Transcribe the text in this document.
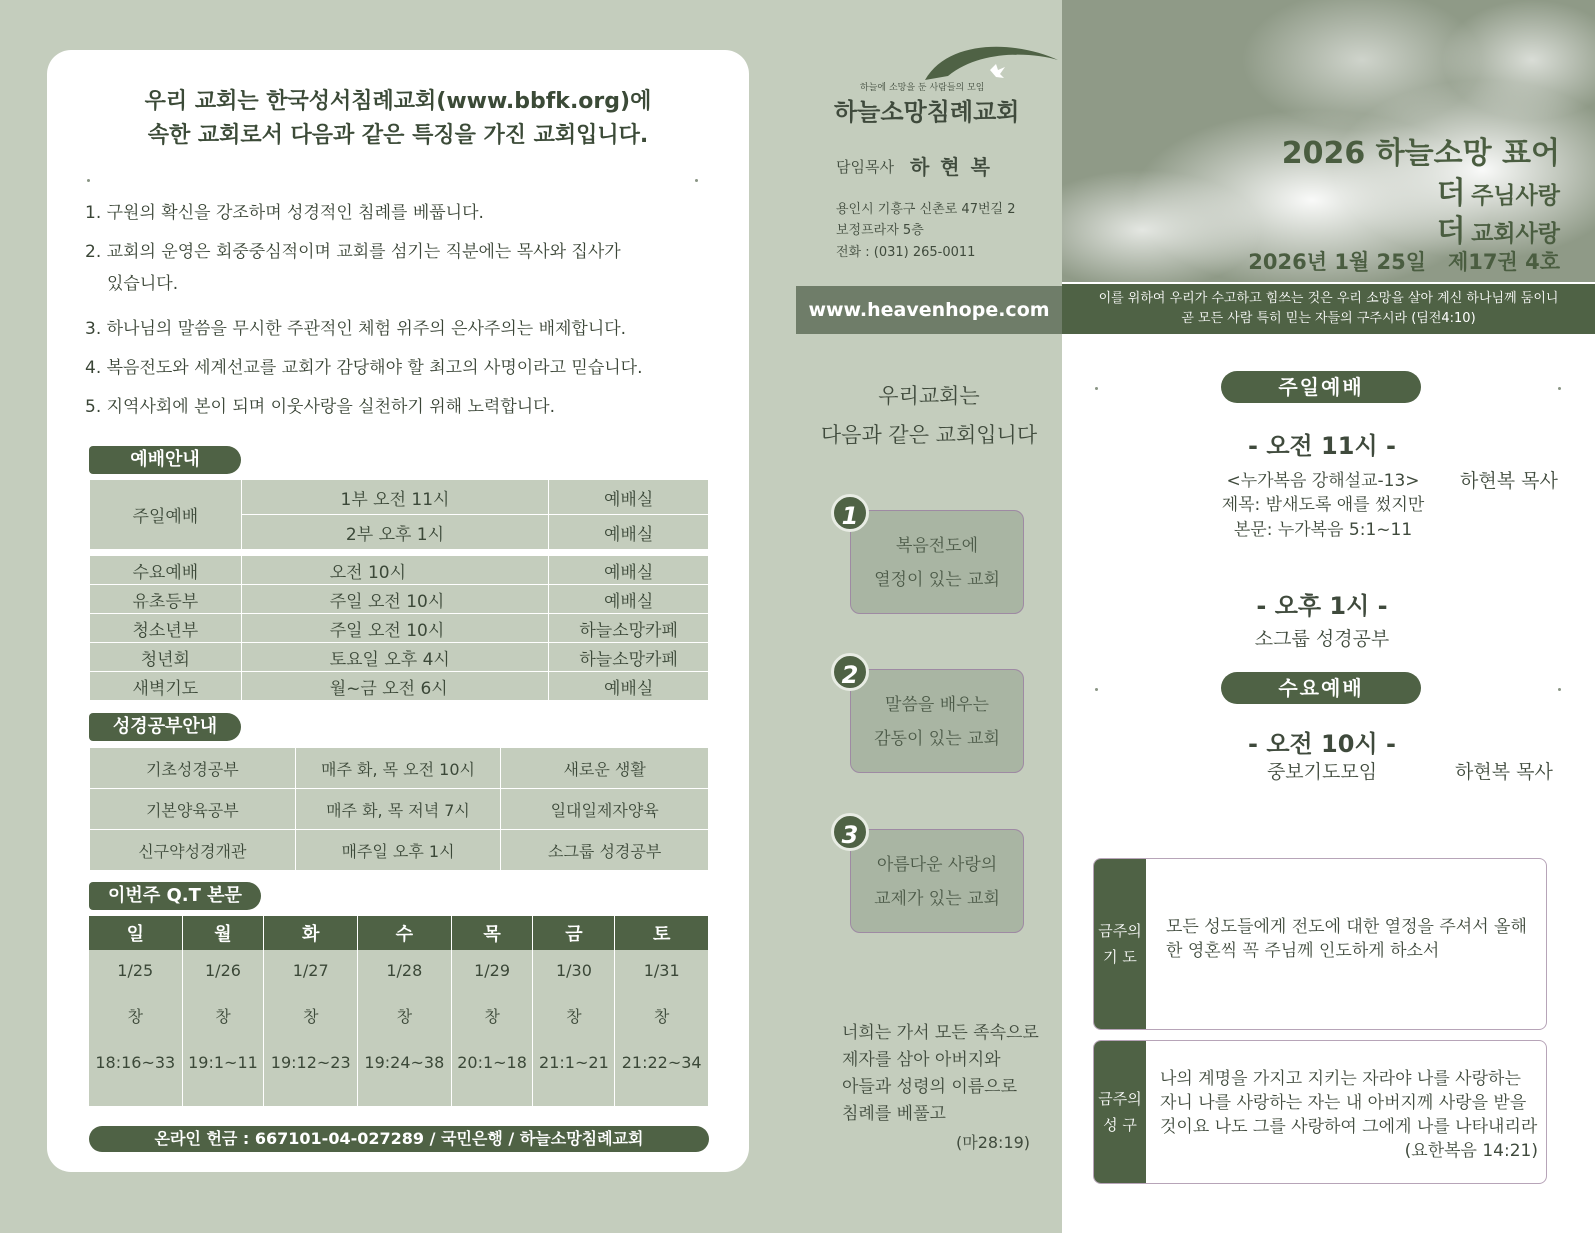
우리 교회는 한국성서침례교회(www.bbfk.org)에
속한 교회로서 다음과 같은 특징을 가진 교회입니다.
1. 구원의 확신을 강조하며 성경적인 침례를 베풉니다.
2. 교회의 운영은 회중중심적이며 교회를 섬기는 직분에는 목사와 집사가
있습니다.
3. 하나님의 말씀을 무시한 주관적인 체험 위주의 은사주의는 배제합니다.
4. 복음전도와 세계선교를 교회가 감당해야 할 최고의 사명이라고 믿습니다.
5. 지역사회에 본이 되며 이웃사랑을 실천하기 위해 노력합니다.
예배안내
주일예배	1부 오전 11시	예배실
	2부 오후 1시	예배실
수요예배	오전 10시	예배실
유초등부	주일 오전 10시	예배실
청소년부	주일 오전 10시	하늘소망카페
청년회	토요일 오후 4시	하늘소망카페
새벽기도	월~금 오전 6시	예배실
성경공부안내
기초성경공부	매주 화, 목 오전 10시	새로운 생활
기본양육공부	매주 화, 목 저녁 7시	일대일제자양육
신구약성경개관	매주일 오후 1시	소그룹 성경공부
이번주 Q.T 본문
일	월	화	수	목	금	토
1/25	1/26	1/27	1/28	1/29	1/30	1/31
창	창	창	창	창	창	창
18:16~33	19:1~11	19:12~23	19:24~38	20:1~18	21:1~21	21:22~34

온라인 헌금 : 667101-04-027289 / 국민은행 / 하늘소망침례교회
하늘에 소망을 둔 사람들의 모임
하늘소망침례교회
담임목사 하 현 복
용인시 기흥구 신촌로 47번길 2
보정프라자 5층
전화 : (031) 265-0011
www.heavenhope.com
우리교회는
다음과 같은 교회입니다
복음전도에
열정이 있는 교회
1
말씀을 배우는
감동이 있는 교회
2
아름다운 사랑의
교제가 있는 교회
3
너희는 가서 모든 족속으로
제자를 삼아 아버지와
아들과 성령의 이름으로
침례를 베풀고
(마28:19)
2026 하늘소망 표어
더 주님사랑
더 교회사랑
2026년 1월 25일   제17권 4호
이를 위하여 우리가 수고하고 힘쓰는 것은 우리 소망을 살아 계신 하나님께 둠이니
곧 모든 사람 특히 믿는 자들의 구주시라 (딤전4:10)
주일예배
- 오전 11시 -
<누가복음 강해설교-13>	하현복 목사
제목: 밤새도록 애를 썼지만
본문: 누가복음 5:1~11
- 오후 1시 -
소그룹 성경공부
수요예배
- 오전 10시 -
중보기도모임	하현복 목사
금주의
기 도
모든 성도들에게 전도에 대한 열정을 주셔서 올해
한 영혼씩 꼭 주님께 인도하게 하소서
금주의
성 구
나의 계명을 가지고 지키는 자라야 나를 사랑하는
자니 나를 사랑하는 자는 내 아버지께 사랑을 받을
것이요 나도 그를 사랑하여 그에게 나를 나타내리라
(요한복음 14:21)
